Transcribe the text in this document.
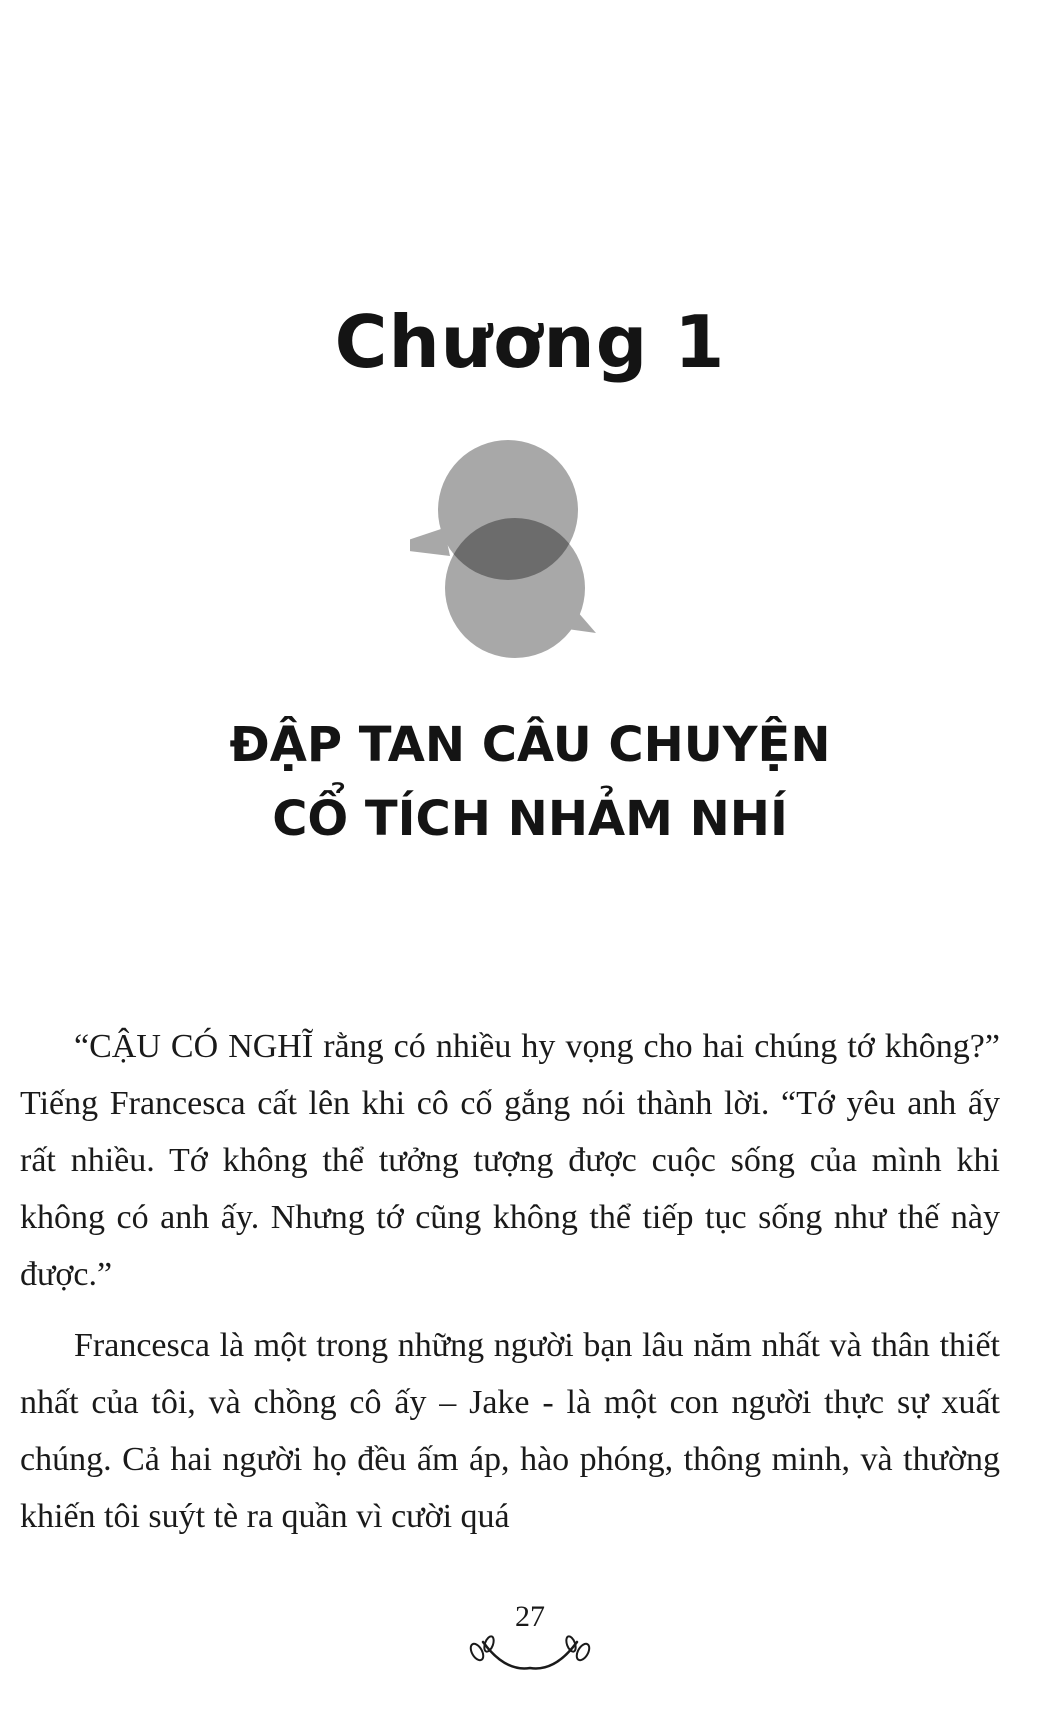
Chương 1
ĐẬP TAN CÂU CHUYỆN
CỔ TÍCH NHẢM NHÍ

“CẬU CÓ NGHĨ rằng có nhiều hy vọng cho hai chúng tớ không?” Tiếng Francesca cất lên khi cô cố gắng nói thành lời. “Tớ yêu anh ấy rất nhiều. Tớ không thể tưởng tượng được cuộc sống của mình khi không có anh ấy. Nhưng tớ cũng không thể tiếp tục sống như thế này được.”

Francesca là một trong những người bạn lâu năm nhất và thân thiết nhất của tôi, và chồng cô ấy – Jake - là một con người thực sự xuất chúng. Cả hai người họ đều ấm áp, hào phóng, thông minh, và thường khiến tôi suýt tè ra quần vì cười quá

27
